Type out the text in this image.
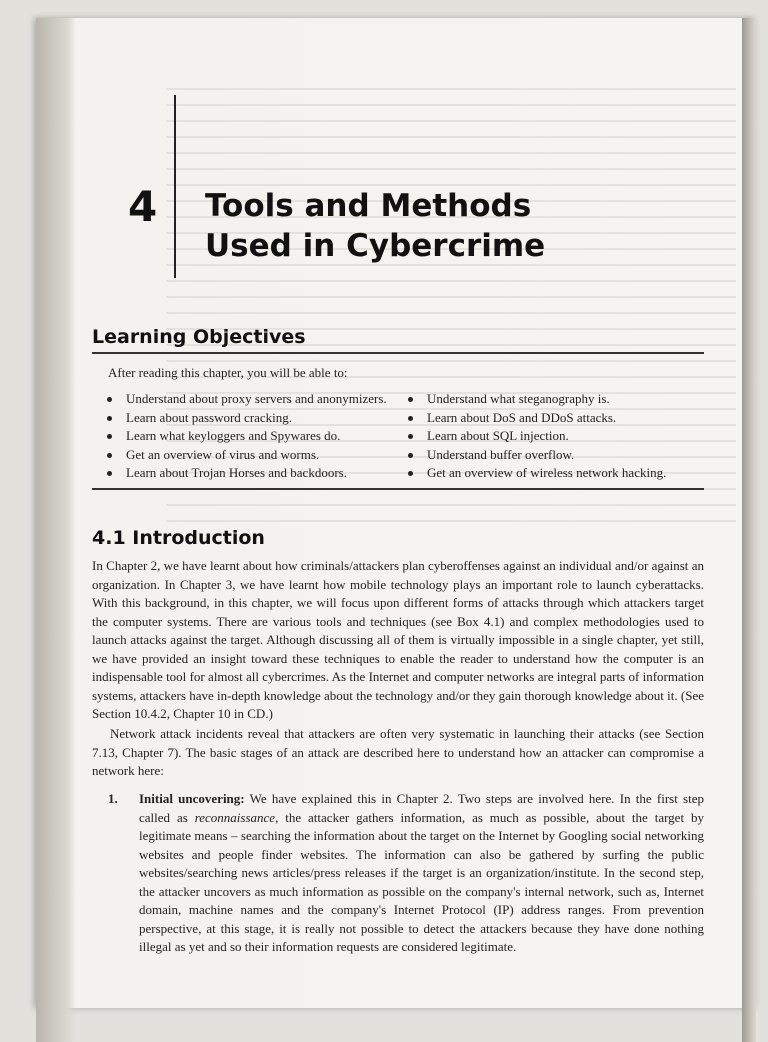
4 Tools and Methods
Used in Cybercrime
Learning Objectives

After reading this chapter, you will be able to:

Understand about proxy servers and anonymizers.
Learn about password cracking.
Learn what keyloggers and Spywares do.
Get an overview of virus and worms.
Learn about Trojan Horses and backdoors.
Understand what steganography is.
Learn about DoS and DDoS attacks.
Learn about SQL injection.
Understand buffer overflow.
Get an overview of wireless network hacking.
4.1 Introduction

In Chapter 2, we have learnt about how criminals/attackers plan cyberoffenses against an individual and/or against an organization. In Chapter 3, we have learnt how mobile technology plays an important role to launch cyberattacks. With this background, in this chapter, we will focus upon different forms of attacks through which attackers target the computer systems. There are various tools and techniques (see Box 4.1) and complex methodologies used to launch attacks against the target. Although discussing all of them is virtually impossible in a single chapter, yet still, we have provided an insight toward these techniques to enable the reader to understand how the computer is an indispensable tool for almost all cybercrimes. As the Internet and computer networks are integral parts of information systems, attackers have in-depth knowledge about the technology and/or they gain thorough knowledge about it. (See Section 10.4.2, Chapter 10 in CD.)

Network attack incidents reveal that attackers are often very systematic in launching their attacks (see Section 7.13, Chapter 7). The basic stages of an attack are described here to understand how an attacker can compromise a network here:

1. Initial uncovering: We have explained this in Chapter 2. Two steps are involved here. In the first step called as reconnaissance, the attacker gathers information, as much as possible, about the target by legitimate means – searching the information about the target on the Internet by Googling social networking websites and people finder websites. The information can also be gathered by surfing the public websites/searching news articles/press releases if the target is an organization/institute. In the second step, the attacker uncovers as much information as possible on the company's internal network, such as, Internet domain, machine names and the company's Internet Protocol (IP) address ranges. From prevention perspective, at this stage, it is really not possible to detect the attackers because they have done nothing illegal as yet and so their information requests are considered legitimate.
